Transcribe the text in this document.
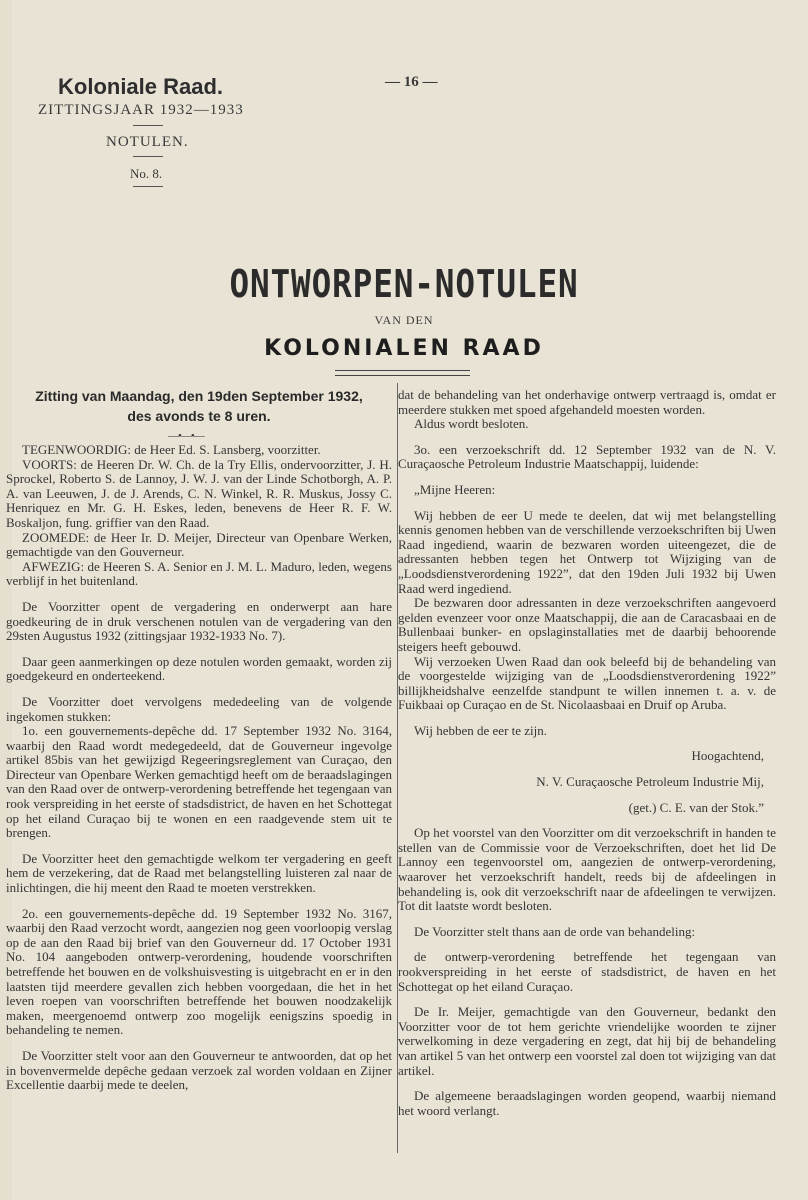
Koloniale Raad.
ZITTINGSJAAR 1932—1933
— 16 —
NOTULEN.
No. 8.
ONTWORPEN-NOTULEN
VAN DEN
KOLONIALEN RAAD
Zitting van Maandag, den 19den September 1932,
des avonds te 8 uren.
—•—•—

TEGENWOORDIG: de Heer Ed. S. Lansberg, voorzitter.

VOORTS: de Heeren Dr. W. Ch. de la Try Ellis, ondervoorzitter, J. H. Sprockel, Roberto S. de Lannoy, J. W. J. van der Linde Schotborgh, A. P. A. van Leeuwen, J. de J. Arends, C. N. Winkel, R. R. Muskus, Jossy C. Henriquez en Mr. G. H. Eskes, leden, benevens de Heer R. F. W. Boskaljon, fung. griffier van den Raad.

ZOOMEDE: de Heer Ir. D. Meijer, Directeur van Openbare Werken, gemachtigde van den Gouverneur.

AFWEZIG: de Heeren S. A. Senior en J. M. L. Maduro, leden, wegens verblijf in het buitenland.

De Voorzitter opent de vergadering en onderwerpt aan hare goedkeuring de in druk verschenen notulen van de vergadering van den 29sten Augustus 1932 (zittingsjaar 1932-1933 No. 7).

Daar geen aanmerkingen op deze notulen worden gemaakt, worden zij goedgekeurd en onderteekend.

De Voorzitter doet vervolgens mededeeling van de volgende ingekomen stukken:

1o. een gouvernements-depêche dd. 17 September 1932 No. 3164, waarbij den Raad wordt medegedeeld, dat de Gouverneur ingevolge artikel 85bis van het gewijzigd Regeeringsreglement van Curaçao, den Directeur van Openbare Werken gemachtigd heeft om de beraadslagingen van den Raad over de ontwerp-verordening betreffende het tegengaan van rook verspreiding in het eerste of stadsdistrict, de haven en het Schottegat op het eiland Curaçao bij te wonen en een raadgevende stem uit te brengen.

De Voorzitter heet den gemachtigde welkom ter vergadering en geeft hem de verzekering, dat de Raad met belangstelling luisteren zal naar de inlichtingen, die hij meent den Raad te moeten verstrekken.

2o. een gouvernements-depêche dd. 19 September 1932 No. 3167, waarbij den Raad verzocht wordt, aangezien nog geen voorloopig verslag op de aan den Raad bij brief van den Gouverneur dd. 17 October 1931 No. 104 aangeboden ontwerp-verordening, houdende voorschriften betreffende het bouwen en de volkshuisvesting is uitgebracht en er in den laatsten tijd meerdere gevallen zich hebben voorgedaan, die het in het leven roepen van voorschriften betreffende het bouwen noodzakelijk maken, meergenoemd ontwerp zoo mogelijk eenigszins spoedig in behandeling te nemen.

De Voorzitter stelt voor aan den Gouverneur te antwoorden, dat op het in bovenvermelde depêche gedaan verzoek zal worden voldaan en Zijner Excellentie daarbij mede te deelen,

dat de behandeling van het onderhavige ontwerp vertraagd is, omdat er meerdere stukken met spoed afgehandeld moesten worden.

Aldus wordt besloten.

3o. een verzoekschrift dd. 12 September 1932 van de N. V. Curaçaosche Petroleum Industrie Maatschappij, luidende:

„Mijne Heeren:

Wij hebben de eer U mede te deelen, dat wij met belangstelling kennis genomen hebben van de verschillende verzoekschriften bij Uwen Raad ingediend, waarin de bezwaren worden uiteengezet, die de adressanten hebben tegen het Ontwerp tot Wijziging van de „Loodsdienstverordening 1922”, dat den 19den Juli 1932 bij Uwen Raad werd ingediend.

De bezwaren door adressanten in deze verzoekschriften aangevoerd gelden evenzeer voor onze Maatschappij, die aan de Caracasbaai en de Bullenbaai bunker- en opslaginstallaties met de daarbij behoorende steigers heeft gebouwd.

Wij verzoeken Uwen Raad dan ook beleefd bij de behandeling van de voorgestelde wijziging van de „Loodsdienstverordening 1922” billijkheidshalve eenzelfde standpunt te willen innemen t. a. v. de Fuikbaai op Curaçao en de St. Nicolaasbaai en Druif op Aruba.

Wij hebben de eer te zijn.

Hoogachtend,

N. V. Curaçaosche Petroleum Industrie Mij,

(get.) C. E. van der Stok.”

Op het voorstel van den Voorzitter om dit verzoekschrift in handen te stellen van de Commissie voor de Verzoekschriften, doet het lid De Lannoy een tegenvoorstel om, aangezien de ontwerp-verordening, waarover het verzoekschrift handelt, reeds bij de afdeelingen in behandeling is, ook dit verzoekschrift naar de afdeelingen te verwijzen. Tot dit laatste wordt besloten.

De Voorzitter stelt thans aan de orde van behandeling:

de ontwerp-verordening betreffende het tegengaan van rookverspreiding in het eerste of stadsdistrict, de haven en het Schottegat op het eiland Curaçao.

De Ir. Meijer, gemachtigde van den Gouverneur, bedankt den Voorzitter voor de tot hem gerichte vriendelijke woorden te zijner verwelkoming in deze vergadering en zegt, dat hij bij de behandeling van artikel 5 van het ontwerp een voorstel zal doen tot wijziging van dat artikel.

De algemeene beraadslagingen worden geopend, waarbij niemand het woord verlangt.
